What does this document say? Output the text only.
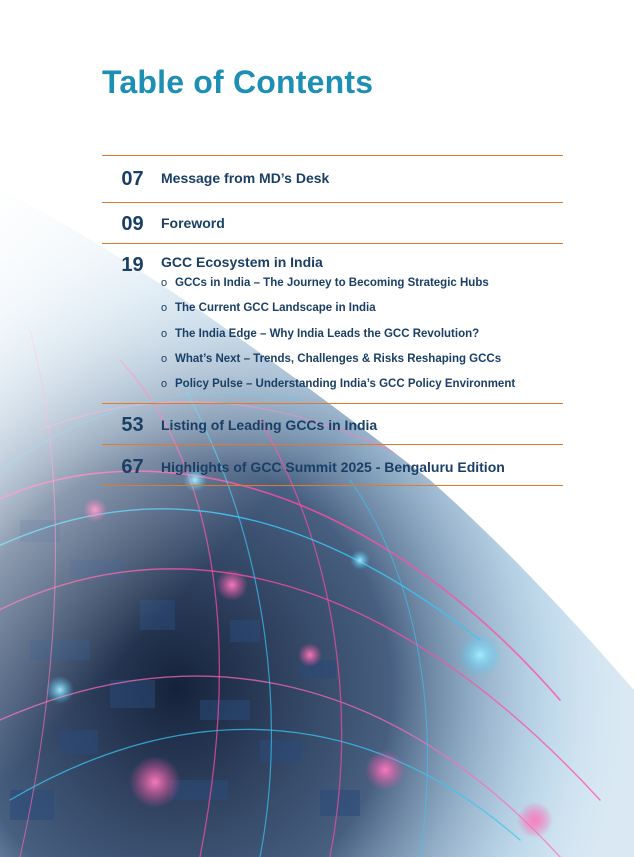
Table of Contents
07	Message from MD’s Desk
09	Foreword
19	GCC Ecosystem in India
o GCCs in India – The Journey to Becoming Strategic Hubs
o The Current GCC Landscape in India
o The India Edge – Why India Leads the GCC Revolution?
o What’s Next – Trends, Challenges & Risks Reshaping GCCs
o Policy Pulse – Understanding India’s GCC Policy Environment
53	Listing of Leading GCCs in India
67	Highlights of GCC Summit 2025 - Bengaluru Edition
